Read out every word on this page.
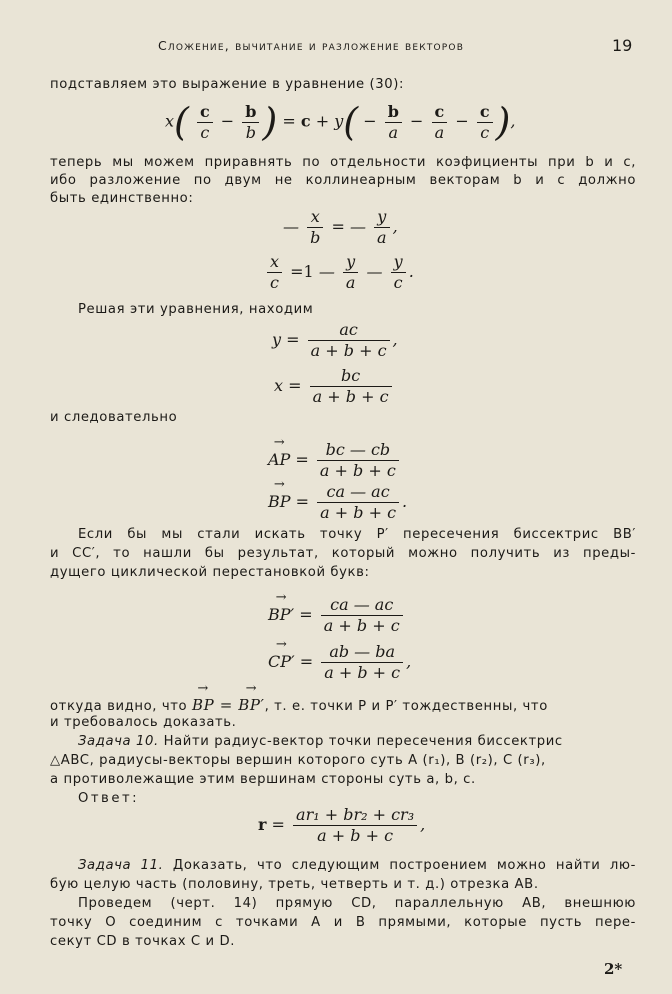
Сложение, вычитание и разложение векторов	19
подставляем это выражение в уравнение (30):
$x( \frac{c}{c} - \frac{b}{b}$ ) = $c + y( - \frac{b}{a} - \frac{c}{a} - \frac{c}{c}$ ),
теперь мы можем приравнять по отдельности коэфициенты при b и c,
ибо разложение по двум не коллинеарным векторам b и c должно
быть единственно:
— $\frac{x}{b}$ = — $\frac{y}{a}$ ,
$\frac{x}{c} =1$ — $\frac{y}{a}$ — $\frac{y}{c}$ .
Решая эти уравнения, находим
$y = \frac{ac}{a + b + c}$ ,
$x = \frac{bc}{a + b + c}$
и следовательно
→ AP = $\frac{bc — cb}{a + b + c}$
→ BP = $\frac{ca — ac}{a + b + c}$ .
Если бы мы стали искать точку P′ пересечения биссектрис BB′
и CC′, то нашли бы результат, который можно получить из преды-
дущего циклической перестановкой букв:
→ $BP' = \frac{ca — ac}{a + b + c}$
→ $CP' = \frac{ab — ba}{a + b + c}$ ,
откуда видно, что → BP = → BP′, т. е. точки P и P′ тождественны, что
и требовалось доказать.
Задача 10. Найти радиус-вектор точки пересечения биссектрис
△ABC, радиусы-векторы вершин которого суть A (r₁), B (r₂), C (r₃),
а противолежащие этим вершинам стороны суть a, b, c.
Ответ:
$r = \frac{\text{ar₁ + br₂ + cr₃}}{a + b + c}$ ,
Задача 11. Доказать, что следующим построением можно найти лю-
бую целую часть (половину, треть, четверть и т. д.) отрезка AB.
Проведем (черт. 14) прямую CD, параллельную AB, внешнюю
точку O соединим с точками A и B прямыми, которые пусть пере-
секут CD в точках C и D.
2*
